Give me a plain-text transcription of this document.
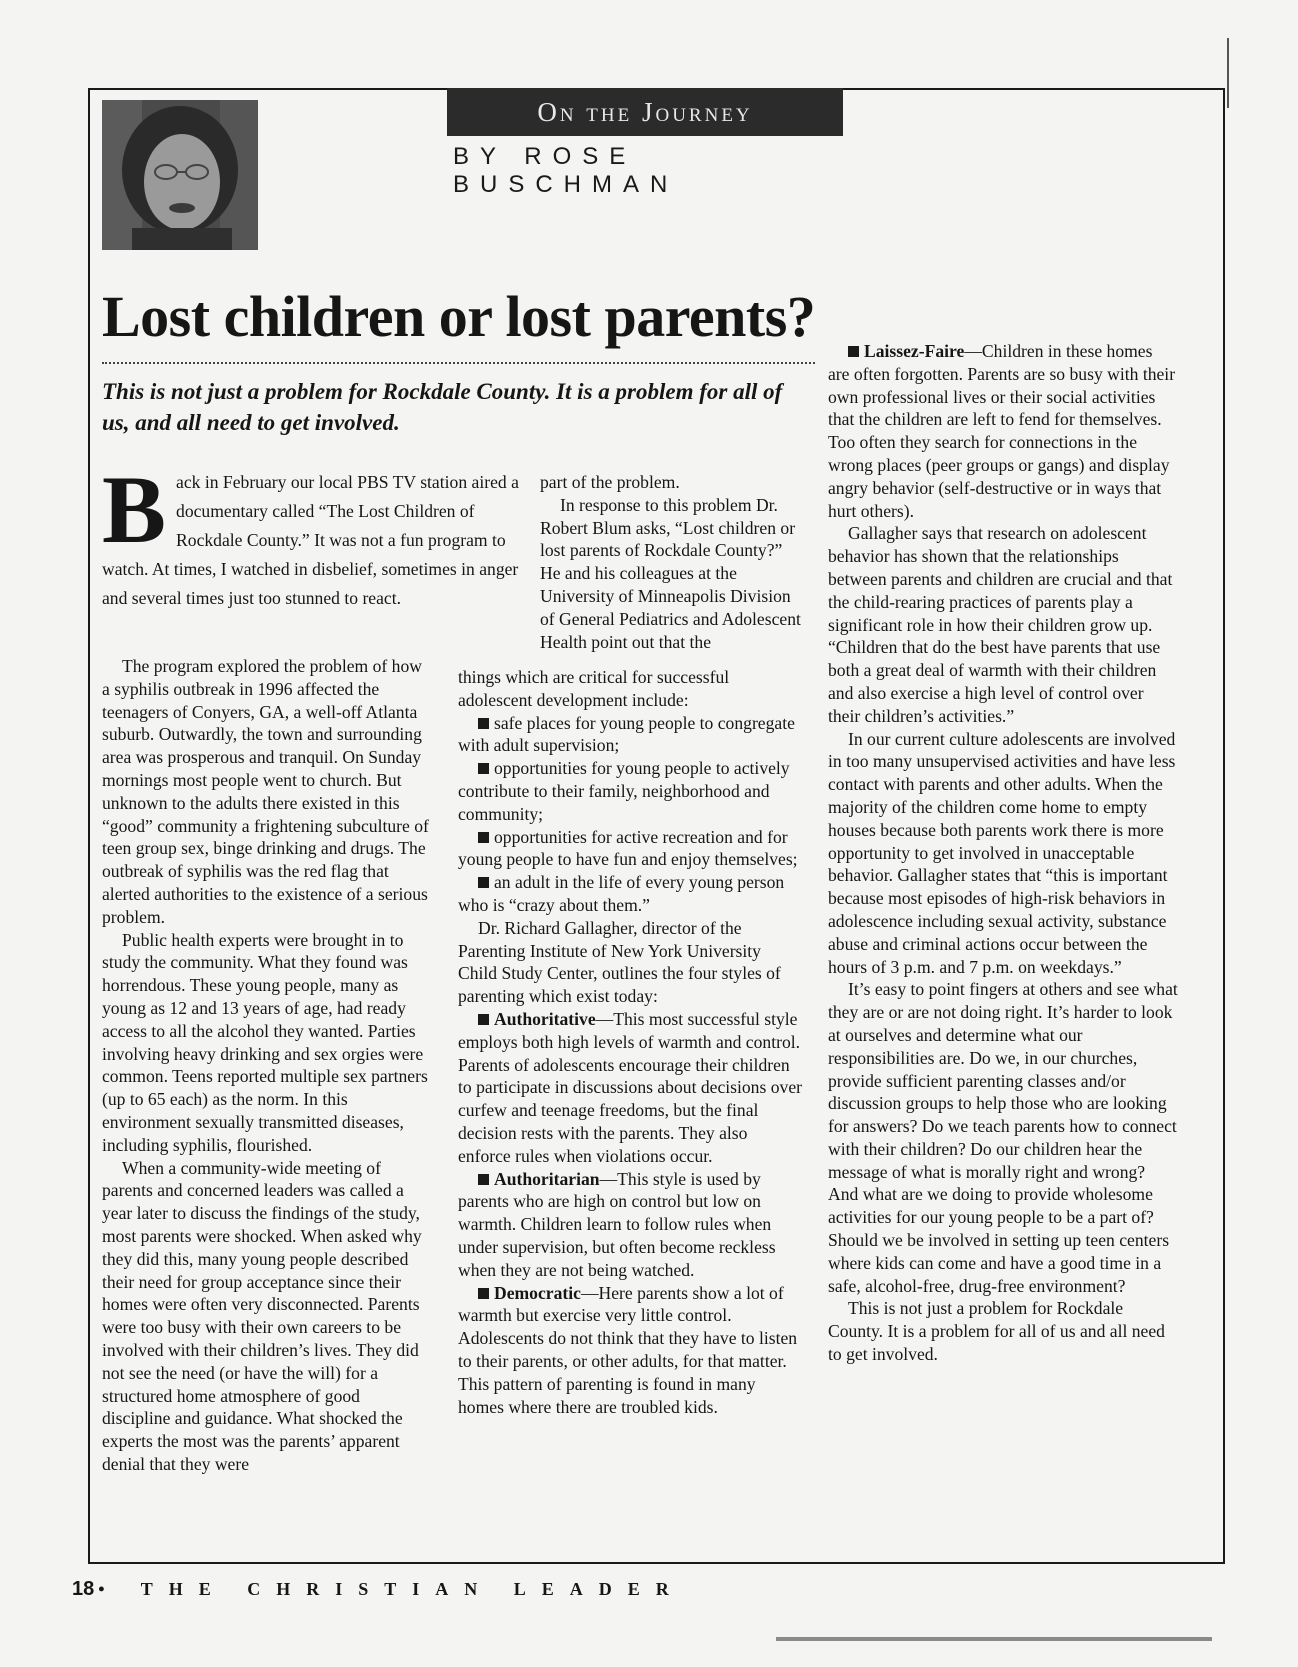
On the Journey
BY ROSE BUSCHMAN
Lost children or lost parents?
This is not just a problem for Rockdale County. It is a problem for all of us, and all need to get involved.
Back in February our local PBS TV station aired a documentary called “The Lost Children of Rockdale County.” It was not a fun program to watch. At times, I watched in disbelief, sometimes in anger and several times just too stunned to react.

The program explored the problem of how a syphilis outbreak in 1996 affected the teenagers of Conyers, GA, a well-off Atlanta suburb. Outwardly, the town and surrounding area was prosperous and tranquil. On Sunday mornings most people went to church. But unknown to the adults there existed in this “good” community a frightening subculture of teen group sex, binge drinking and drugs. The outbreak of syphilis was the red flag that alerted authorities to the existence of a serious problem.

Public health experts were brought in to study the community. What they found was horrendous. These young people, many as young as 12 and 13 years of age, had ready access to all the alcohol they wanted. Parties involving heavy drinking and sex orgies were common. Teens reported multiple sex partners (up to 65 each) as the norm. In this environment sexually transmitted diseases, including syphilis, flourished.

When a community-wide meeting of parents and concerned leaders was called a year later to discuss the findings of the study, most parents were shocked. When asked why they did this, many young people described their need for group acceptance since their homes were often very disconnected. Parents were too busy with their own careers to be involved with their children’s lives. They did not see the need (or have the will) for a structured home atmosphere of good discipline and guidance. What shocked the experts the most was the parents’ apparent denial that they were

part of the problem.

In response to this problem Dr. Robert Blum asks, “Lost children or lost parents of Rockdale County?” He and his colleagues at the University of Minneapolis Division of General Pediatrics and Adolescent Health point out that the

things which are critical for successful adolescent development include:

safe places for young people to congregate with adult supervision;

opportunities for young people to actively contribute to their family, neighborhood and community;

opportunities for active recreation and for young people to have fun and enjoy themselves;

an adult in the life of every young person who is “crazy about them.”

Dr. Richard Gallagher, director of the Parenting Institute of New York University Child Study Center, outlines the four styles of parenting which exist today:

Authoritative—This most successful style employs both high levels of warmth and control. Parents of adolescents encourage their children to participate in discussions about decisions over curfew and teenage freedoms, but the final decision rests with the parents. They also enforce rules when violations occur.

Authoritarian—This style is used by parents who are high on control but low on warmth. Children learn to follow rules when under supervision, but often become reckless when they are not being watched.

Democratic—Here parents show a lot of warmth but exercise very little control. Adolescents do not think that they have to listen to their parents, or other adults, for that matter. This pattern of parenting is found in many homes where there are troubled kids.

Laissez-Faire—Children in these homes are often forgotten. Parents are so busy with their own professional lives or their social activities that the children are left to fend for themselves. Too often they search for connections in the wrong places (peer groups or gangs) and display angry behavior (self-destructive or in ways that hurt others).

Gallagher says that research on adolescent behavior has shown that the relationships between parents and children are crucial and that the child-rearing practices of parents play a significant role in how their children grow up. “Children that do the best have parents that use both a great deal of warmth with their children and also exercise a high level of control over their children’s activities.”

In our current culture adolescents are involved in too many unsupervised activities and have less contact with parents and other adults. When the majority of the children come home to empty houses because both parents work there is more opportunity to get involved in unacceptable behavior. Gallagher states that “this is important because most episodes of high-risk behaviors in adolescence including sexual activity, substance abuse and criminal actions occur between the hours of 3 p.m. and 7 p.m. on weekdays.”

It’s easy to point fingers at others and see what they are or are not doing right. It’s harder to look at ourselves and determine what our responsibilities are. Do we, in our churches, provide sufficient parenting classes and/or discussion groups to help those who are looking for answers? Do we teach parents how to connect with their children? Do our children hear the message of what is morally right and wrong? And what are we doing to provide wholesome activities for our young people to be a part of? Should we be involved in setting up teen centers where kids can come and have a good time in a safe, alcohol-free, drug-free environment?

This is not just a problem for Rockdale County. It is a problem for all of us and all need to get involved.

18 • THE CHRISTIAN LEADER
